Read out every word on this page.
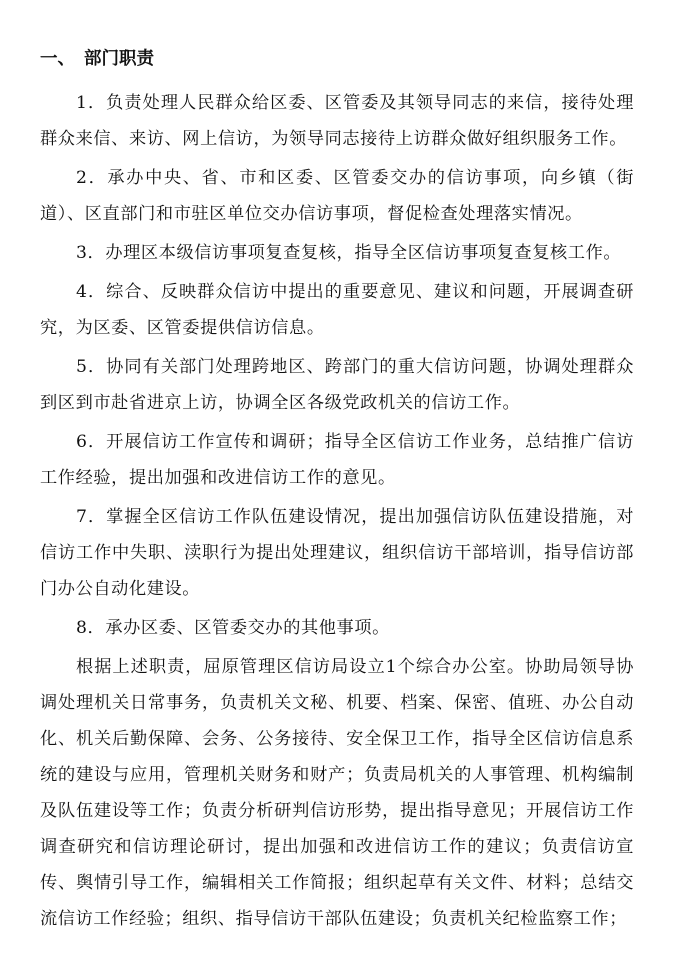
一、 部门职责

1．负责处理人民群众给区委、区管委及其领导同志的来信，接待处理群众来信、来访、网上信访，为领导同志接待上访群众做好组织服务工作。

2．承办中央、省、市和区委、区管委交办的信访事项，向乡镇（街道）、区直部门和市驻区单位交办信访事项，督促检查处理落实情况。

3．办理区本级信访事项复查复核，指导全区信访事项复查复核工作。

4．综合、反映群众信访中提出的重要意见、建议和问题，开展调查研究，为区委、区管委提供信访信息。

5．协同有关部门处理跨地区、跨部门的重大信访问题，协调处理群众到区到市赴省进京上访，协调全区各级党政机关的信访工作。

6．开展信访工作宣传和调研；指导全区信访工作业务，总结推广信访工作经验，提出加强和改进信访工作的意见。

7．掌握全区信访工作队伍建设情况，提出加强信访队伍建设措施，对信访工作中失职、渎职行为提出处理建议，组织信访干部培训，指导信访部门办公自动化建设。

8．承办区委、区管委交办的其他事项。

根据上述职责，屈原管理区信访局设立1个综合办公室。协助局领导协调处理机关日常事务，负责机关文秘、机要、档案、保密、值班、办公自动化、机关后勤保障、会务、公务接待、安全保卫工作，指导全区信访信息系统的建设与应用，管理机关财务和财产；负责局机关的人事管理、机构编制及队伍建设等工作；负责分析研判信访形势，提出指导意见；开展信访工作调查研究和信访理论研讨，提出加强和改进信访工作的建议；负责信访宣传、舆情引导工作，编辑相关工作简报；组织起草有关文件、材料；总结交流信访工作经验；组织、指导信访干部队伍建设；负责机关纪检监察工作；
